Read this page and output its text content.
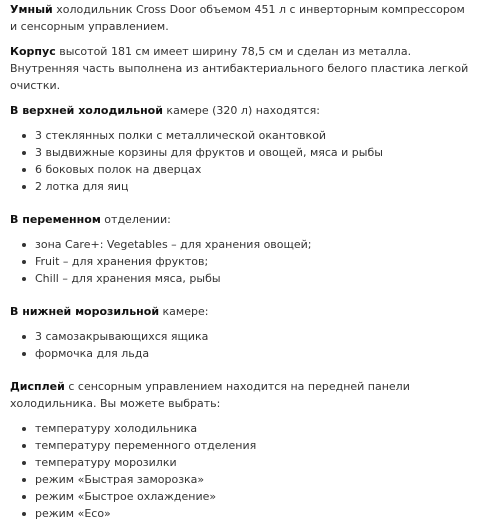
Умный холодильник Cross Door объемом 451 л с инверторным компрессором и сенсорным управлением.

Корпус высотой 181 см имеет ширину 78,5 см и сделан из металла. Внутренняя часть выполнена из антибактериального белого пластика легкой очистки.

В верхней холодильной камере (320 л) находятся:

3 стеклянных полки с металлической окантовкой
3 выдвижные корзины для фруктов и овощей, мяса и рыбы
6 боковых полок на дверцах
2 лотка для яиц

В переменном отделении:

зона Care+: Vegetables – для хранения овощей;
Fruit – для хранения фруктов;
Chill – для хранения мяса, рыбы

В нижней морозильной камере:

3 самозакрывающихся ящика
формочка для льда

Дисплей с сенсорным управлением находится на передней панели холодильника. Вы можете выбрать:

температуру холодильника
температуру переменного отделения
температуру морозилки
режим «Быстрая заморозка»
режим «Быстрое охлаждение»
режим «Eco»
